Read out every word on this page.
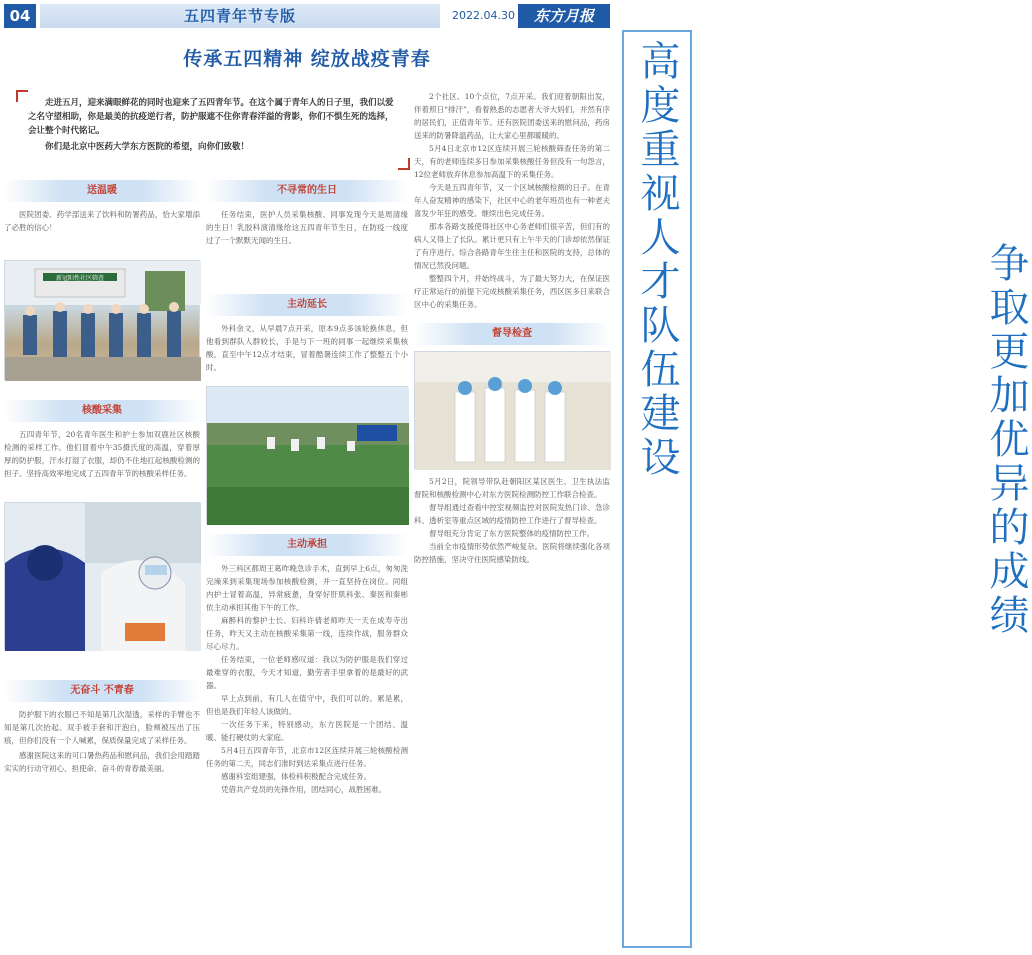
04	五四青年节专版	2022.04.30	东方月报
高度重视人才队伍建设	争取更加优异的成绩
传承五四精神 绽放战疫青春

走进五月，迎来满眼鲜花的同时也迎来了五四青年节。在这个属于青年人的日子里，我们以爱之名守望相助，你是最美的抗疫逆行者，防护服遮不住你青春洋溢的背影，你们不惧生死的选择，会让整个时代铭记。

你们是北京中医药大学东方医院的希望，向你们致敬！

送温暖
医院团委、药学部送来了饮料和防署药品，恰大家增添了必胜的信心！
新冠阳性社区筛查
核酸采集
五四青年节，20名青年医生和护士参加双鹿社区核酸检测的采样工作。他们冒着中午35摄氏度的高温，穿着厚厚的防护服，汗水打湿了衣服，却仍不住地扛起核酸检测的担子。坚持高效率地完成了五四青年节的核酸采样任务。
无奋斗 不青春
防护服下的衣服已不知是第几次湿透，采样的手臂也不知是第几次抬起。双手被手套和汗泡白，脸颊被压出了压痕，但你们没有一个人喊累，保质保量完成了采样任务。
感谢医院这来的可口暑热药品和慰问品，我们会用踏踏实实的行动守初心、担使命、奋斗的青春最美丽。
不寻常的生日
任务结束，医护人员采集核酸、同事发现今天是周清缘的生日！乳胶科演清缘给这五四青年节生日，在防疫一线度过了一个默默无闻的生日。
主动延长
外科余文，从早晨7点开采，原本9点多该轮换休息，但他看到群队人群较长，手是与下一班的同事一起继续采集核酸，直至中午12点才结束，冒着酷暑连续工作了整整五个小时。
主动承担
外三科区都周王葛昨晚急诊手术，直到早上6点，匆匆洗完澡来到采集现场参加核酸检测，并一直坚持在岗位。同组内护士冒着高温，异常疲惫，身穿好肝肌科张、秦医和秦彬依主动承担其他下午的工作。
麻醉科的黎护士长、妇科许倩老师昨天一天在成寿寺出任务，昨天又主动在核酸采集第一线，连续作战，服务群众尽心尽力。
任务结束，一位老师感叹道：我以为防护服是我们穿过最难穿的衣服，今天才知道，勤劳者手里拿着的是最好的武器。
早上点到前，有几人在值守中，我们可以的。累是累，但也是我们年轻人该做的。
一次任务下来，特别感动，东方医院是一个团结、温暖、能打硬仗的大家庭。
5月4日五四青年节，北京市12区连续开展三轮核酸检测任务的第二天，同志们准时到达采集点进行任务。
感谢科室组建强，体检科积极配合完成任务。
凭借共产党员的先锋作用，团结同心，战胜困难。
2个社区、10个点位，7点开采。我们迎着朝阳出发，伴着照日“排汗”，看着熟悉的志愿者大爷大妈们，并然有序的居民们，正值青年节。还有医院团委送来的慰问品，药房送来的防暑降温药品，让大家心里都暖暖的。
5月4日北京市12区连续开展三轮核酸筛查任务的第二天，有的老师连续多日参加采集核酸任务但没有一句怨言，12位老师放弃休息参加高温下的采集任务。
今天是五四青年节，又一个区域核酸检测的日子。在青年人奋发精神的感染下，社区中心的老年班员也有一种老夫喜发少年狂的感受。继续出色完成任务。
那本各路支援使得社区中心务老师们很辛苦，但们有的病人又得上了长队。累计更只有上午半天的门诊却依然保证了有序进行。综合各路青年生往主任和医院的支持，总体的情况已然没问题。
整整四个月，并始终战斗，为了最大努力大，在保证医疗正常运行的前提下完成核酸采集任务，西区医多日来联合区中心的采集任务。
督导检查
5月2日，院领导带队赴朝阳区某区医生、卫生执法监督院和核酸检测中心对东方医院检测防控工作联合检查。
督导组通过查看中控室视频监控对医院发热门诊、急诊科、透析室等重点区域的疫情防控工作进行了督导检查。
督导组充分肯定了东方医院整体的疫情防控工作。
当前全市疫情形势依然严峻复杂。医院将继续强化各项防控措施，坚决守住医院感染防线。
